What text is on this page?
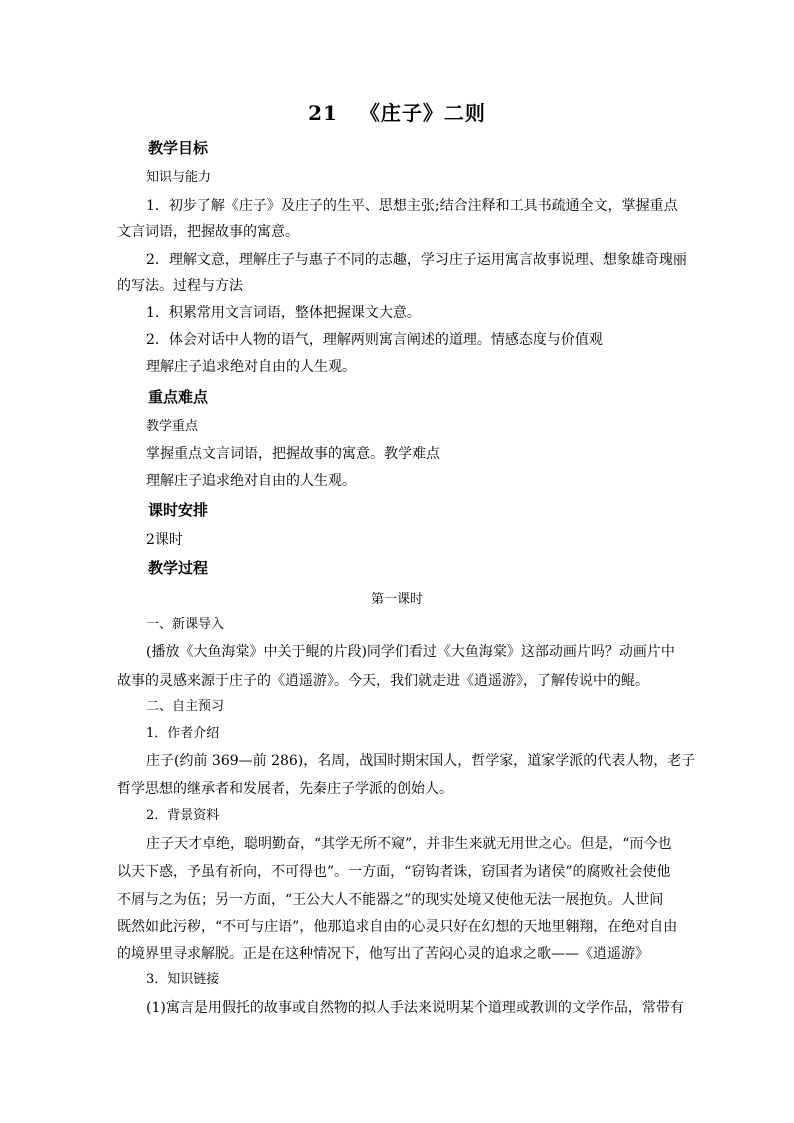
21 《庄子》二则
教学目标
知识与能力
1．初步了解《庄子》及庄子的生平、思想主张;结合注释和工具书疏通全文，掌握重点
文言词语，把握故事的寓意。
2．理解文意，理解庄子与惠子不同的志趣，学习庄子运用寓言故事说理、想象雄奇瑰丽
的写法。过程与方法
1．积累常用文言词语，整体把握课文大意。
2．体会对话中人物的语气，理解两则寓言阐述的道理。情感态度与价值观
理解庄子追求绝对自由的人生观。
重点难点
教学重点
掌握重点文言词语，把握故事的寓意。教学难点
理解庄子追求绝对自由的人生观。
课时安排
2课时
教学过程
第一课时
一、新课导入
(播放《大鱼海棠》中关于鲲的片段)同学们看过《大鱼海棠》这部动画片吗？动画片中
故事的灵感来源于庄子的《逍遥游》。今天，我们就走进《逍遥游》，了解传说中的鲲。
二、自主预习
1．作者介绍
庄子(约前 369—前 286)，名周，战国时期宋国人，哲学家，道家学派的代表人物，老子
哲学思想的继承者和发展者，先秦庄子学派的创始人。
2．背景资料
庄子天才卓绝，聪明勤奋，“其学无所不窥”，并非生来就无用世之心。但是，“而今也
以天下惑，予虽有祈向，不可得也”。一方面，“窃钩者诛，窃国者为诸侯”的腐败社会使他
不屑与之为伍；另一方面，“王公大人不能器之”的现实处境又使他无法一展抱负。人世间
既然如此污秽，“不可与庄语”，他那追求自由的心灵只好在幻想的天地里翱翔，在绝对自由
的境界里寻求解脱。正是在这种情况下，他写出了苦闷心灵的追求之歌——《逍遥游》
3．知识链接
(1)寓言是用假托的故事或自然物的拟人手法来说明某个道理或教训的文学作品，常带有
